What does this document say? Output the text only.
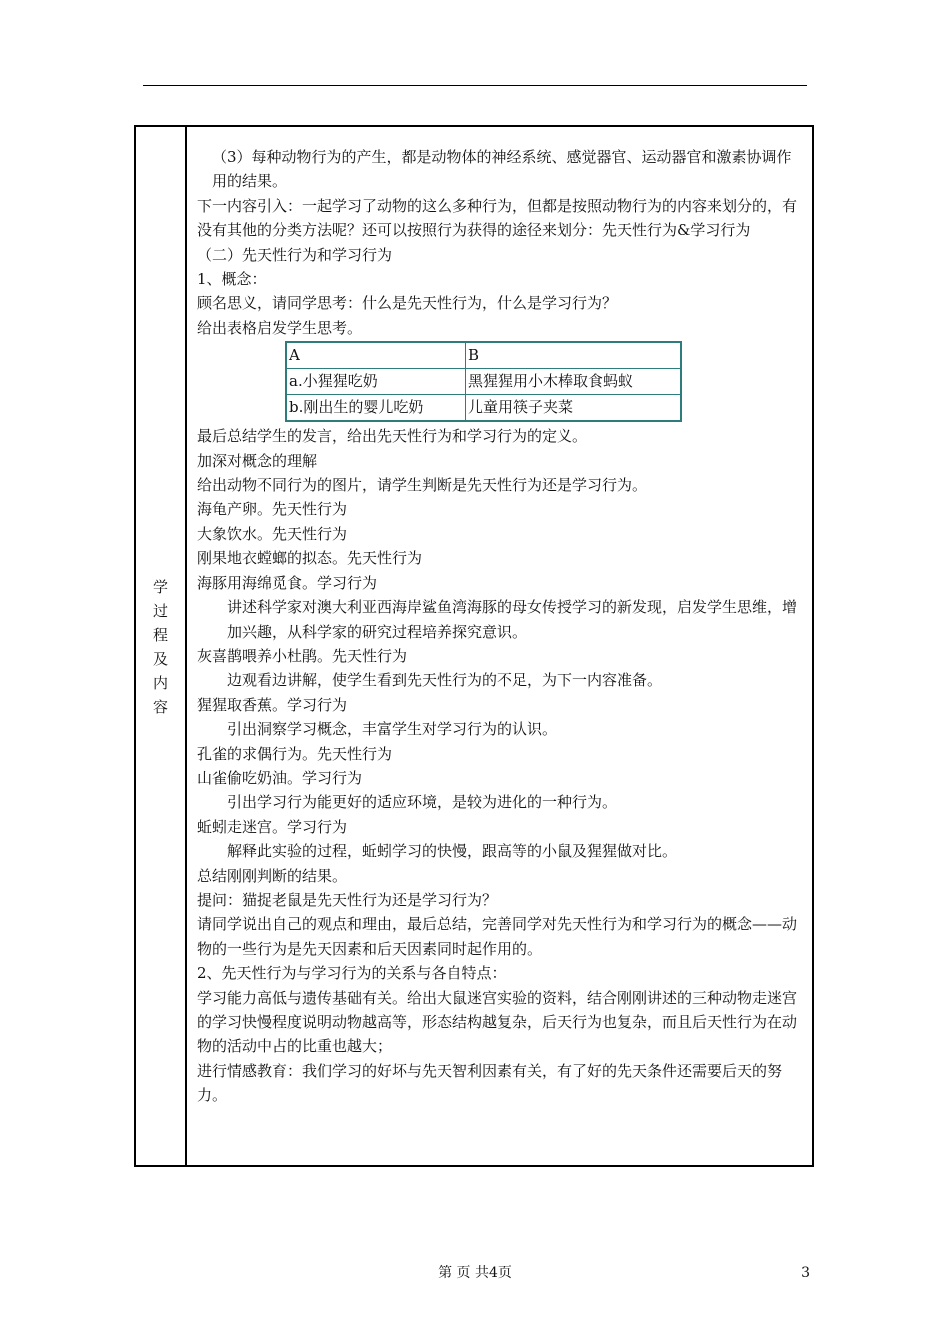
学
过
程
及
内
容

（3）每种动物行为的产生，都是动物体的神经系统、感觉器官、运动器官和激素协调作用的结果。

下一内容引入：一起学习了动物的这么多种行为，但都是按照动物行为的内容来划分的，有没有其他的分类方法呢？还可以按照行为获得的途径来划分：先天性行为&学习行为

（二）先天性行为和学习行为

1、概念：

顾名思义，请同学思考：什么是先天性行为，什么是学习行为？

给出表格启发学生思考。

A	B
a.小猩猩吃奶	黑猩猩用小木棒取食蚂蚁
b.刚出生的婴儿吃奶	儿童用筷子夹菜

最后总结学生的发言，给出先天性行为和学习行为的定义。

加深对概念的理解

给出动物不同行为的图片，请学生判断是先天性行为还是学习行为。

海龟产卵。先天性行为

大象饮水。先天性行为

刚果地衣螳螂的拟态。先天性行为

海豚用海绵觅食。学习行为

讲述科学家对澳大利亚西海岸鲨鱼湾海豚的母女传授学习的新发现，启发学生思维，增加兴趣，从科学家的研究过程培养探究意识。

灰喜鹊喂养小杜鹃。先天性行为

边观看边讲解，使学生看到先天性行为的不足，为下一内容准备。

猩猩取香蕉。学习行为

引出洞察学习概念，丰富学生对学习行为的认识。

孔雀的求偶行为。先天性行为

山雀偷吃奶油。学习行为

引出学习行为能更好的适应环境，是较为进化的一种行为。

蚯蚓走迷宫。学习行为

解释此实验的过程，蚯蚓学习的快慢，跟高等的小鼠及猩猩做对比。

总结刚刚判断的结果。

提问：猫捉老鼠是先天性行为还是学习行为？

请同学说出自己的观点和理由，最后总结，完善同学对先天性行为和学习行为的概念——动物的一些行为是先天因素和后天因素同时起作用的。

2、先天性行为与学习行为的关系与各自特点：

学习能力高低与遗传基础有关。给出大鼠迷宫实验的资料，结合刚刚讲述的三种动物走迷宫的学习快慢程度说明动物越高等，形态结构越复杂，后天行为也复杂，而且后天性行为在动物的活动中占的比重也越大；

进行情感教育：我们学习的好坏与先天智利因素有关，有了好的先天条件还需要后天的努力。

第 页 共4页	3
